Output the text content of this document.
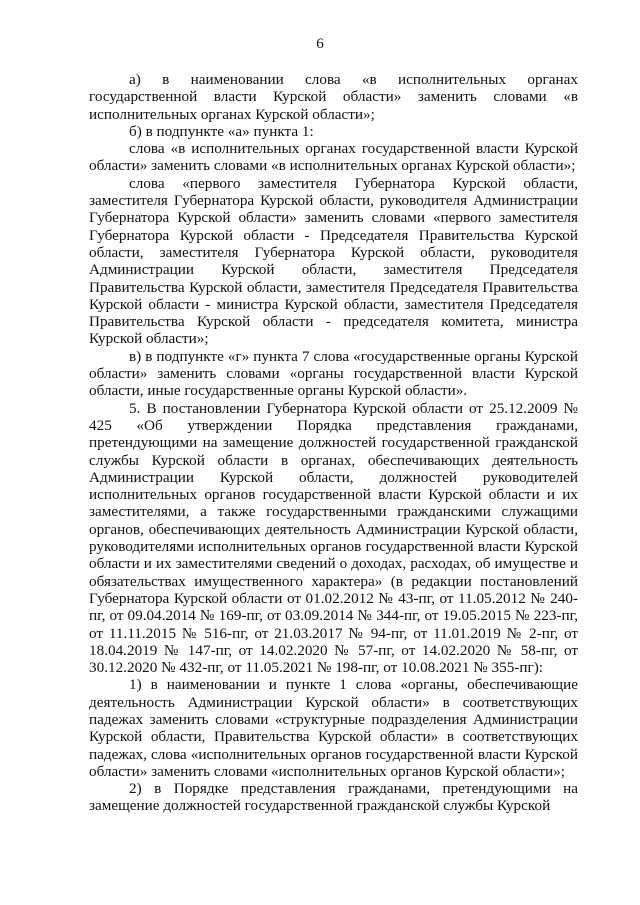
6

а) в наименовании слова «в исполнительных органах государственной власти Курской области» заменить словами «в исполнительных органах Курской области»;

б) в подпункте «а» пункта 1:

слова «в исполнительных органах государственной власти Курской области» заменить словами «в исполнительных органах Курской области»;

слова «первого заместителя Губернатора Курской области, заместителя Губернатора Курской области, руководителя Администрации Губернатора Курской области» заменить словами «первого заместителя Губернатора Курской области - Председателя Правительства Курской области, заместителя Губернатора Курской области, руководителя Администрации Курской области, заместителя Председателя Правительства Курской области, заместителя Председателя Правительства Курской области - министра Курской области, заместителя Председателя Правительства Курской области - председателя комитета, министра Курской области»;

в) в подпункте «г» пункта 7 слова «государственные органы Курской области» заменить словами «органы государственной власти Курской области, иные государственные органы Курской области».

5. В постановлении Губернатора Курской области от 25.12.2009 № 425 «Об утверждении Порядка представления гражданами, претендующими на замещение должностей государственной гражданской службы Курской области в органах, обеспечивающих деятельность Администрации Курской области, должностей руководителей исполнительных органов государственной власти Курской области и их заместителями, а также государственными гражданскими служащими органов, обеспечивающих деятельность Администрации Курской области, руководителями исполнительных органов государственной власти Курской области и их заместителями сведений о доходах, расходах, об имуществе и обязательствах имущественного характера» (в редакции постановлений Губернатора Курской области от 01.02.2012 № 43-пг, от 11.05.2012 № 240-пг, от 09.04.2014 № 169-пг, от 03.09.2014 № 344-пг, от 19.05.2015 № 223-пг, от 11.11.2015 № 516-пг, от 21.03.2017 № 94-пг, от 11.01.2019 № 2-пг, от 18.04.2019 № 147-пг, от 14.02.2020 № 57-пг, от 14.02.2020 № 58-пг, от 30.12.2020 № 432-пг, от 11.05.2021 № 198-пг, от 10.08.2021 № 355-пг):

1) в наименовании и пункте 1 слова «органы, обеспечивающие деятельность Администрации Курской области» в соответствующих падежах заменить словами «структурные подразделения Администрации Курской области, Правительства Курской области» в соответствующих падежах, слова «исполнительных органов государственной власти Курской области» заменить словами «исполнительных органов Курской области»;

2) в Порядке представления гражданами, претендующими на замещение должностей государственной гражданской службы Курской
